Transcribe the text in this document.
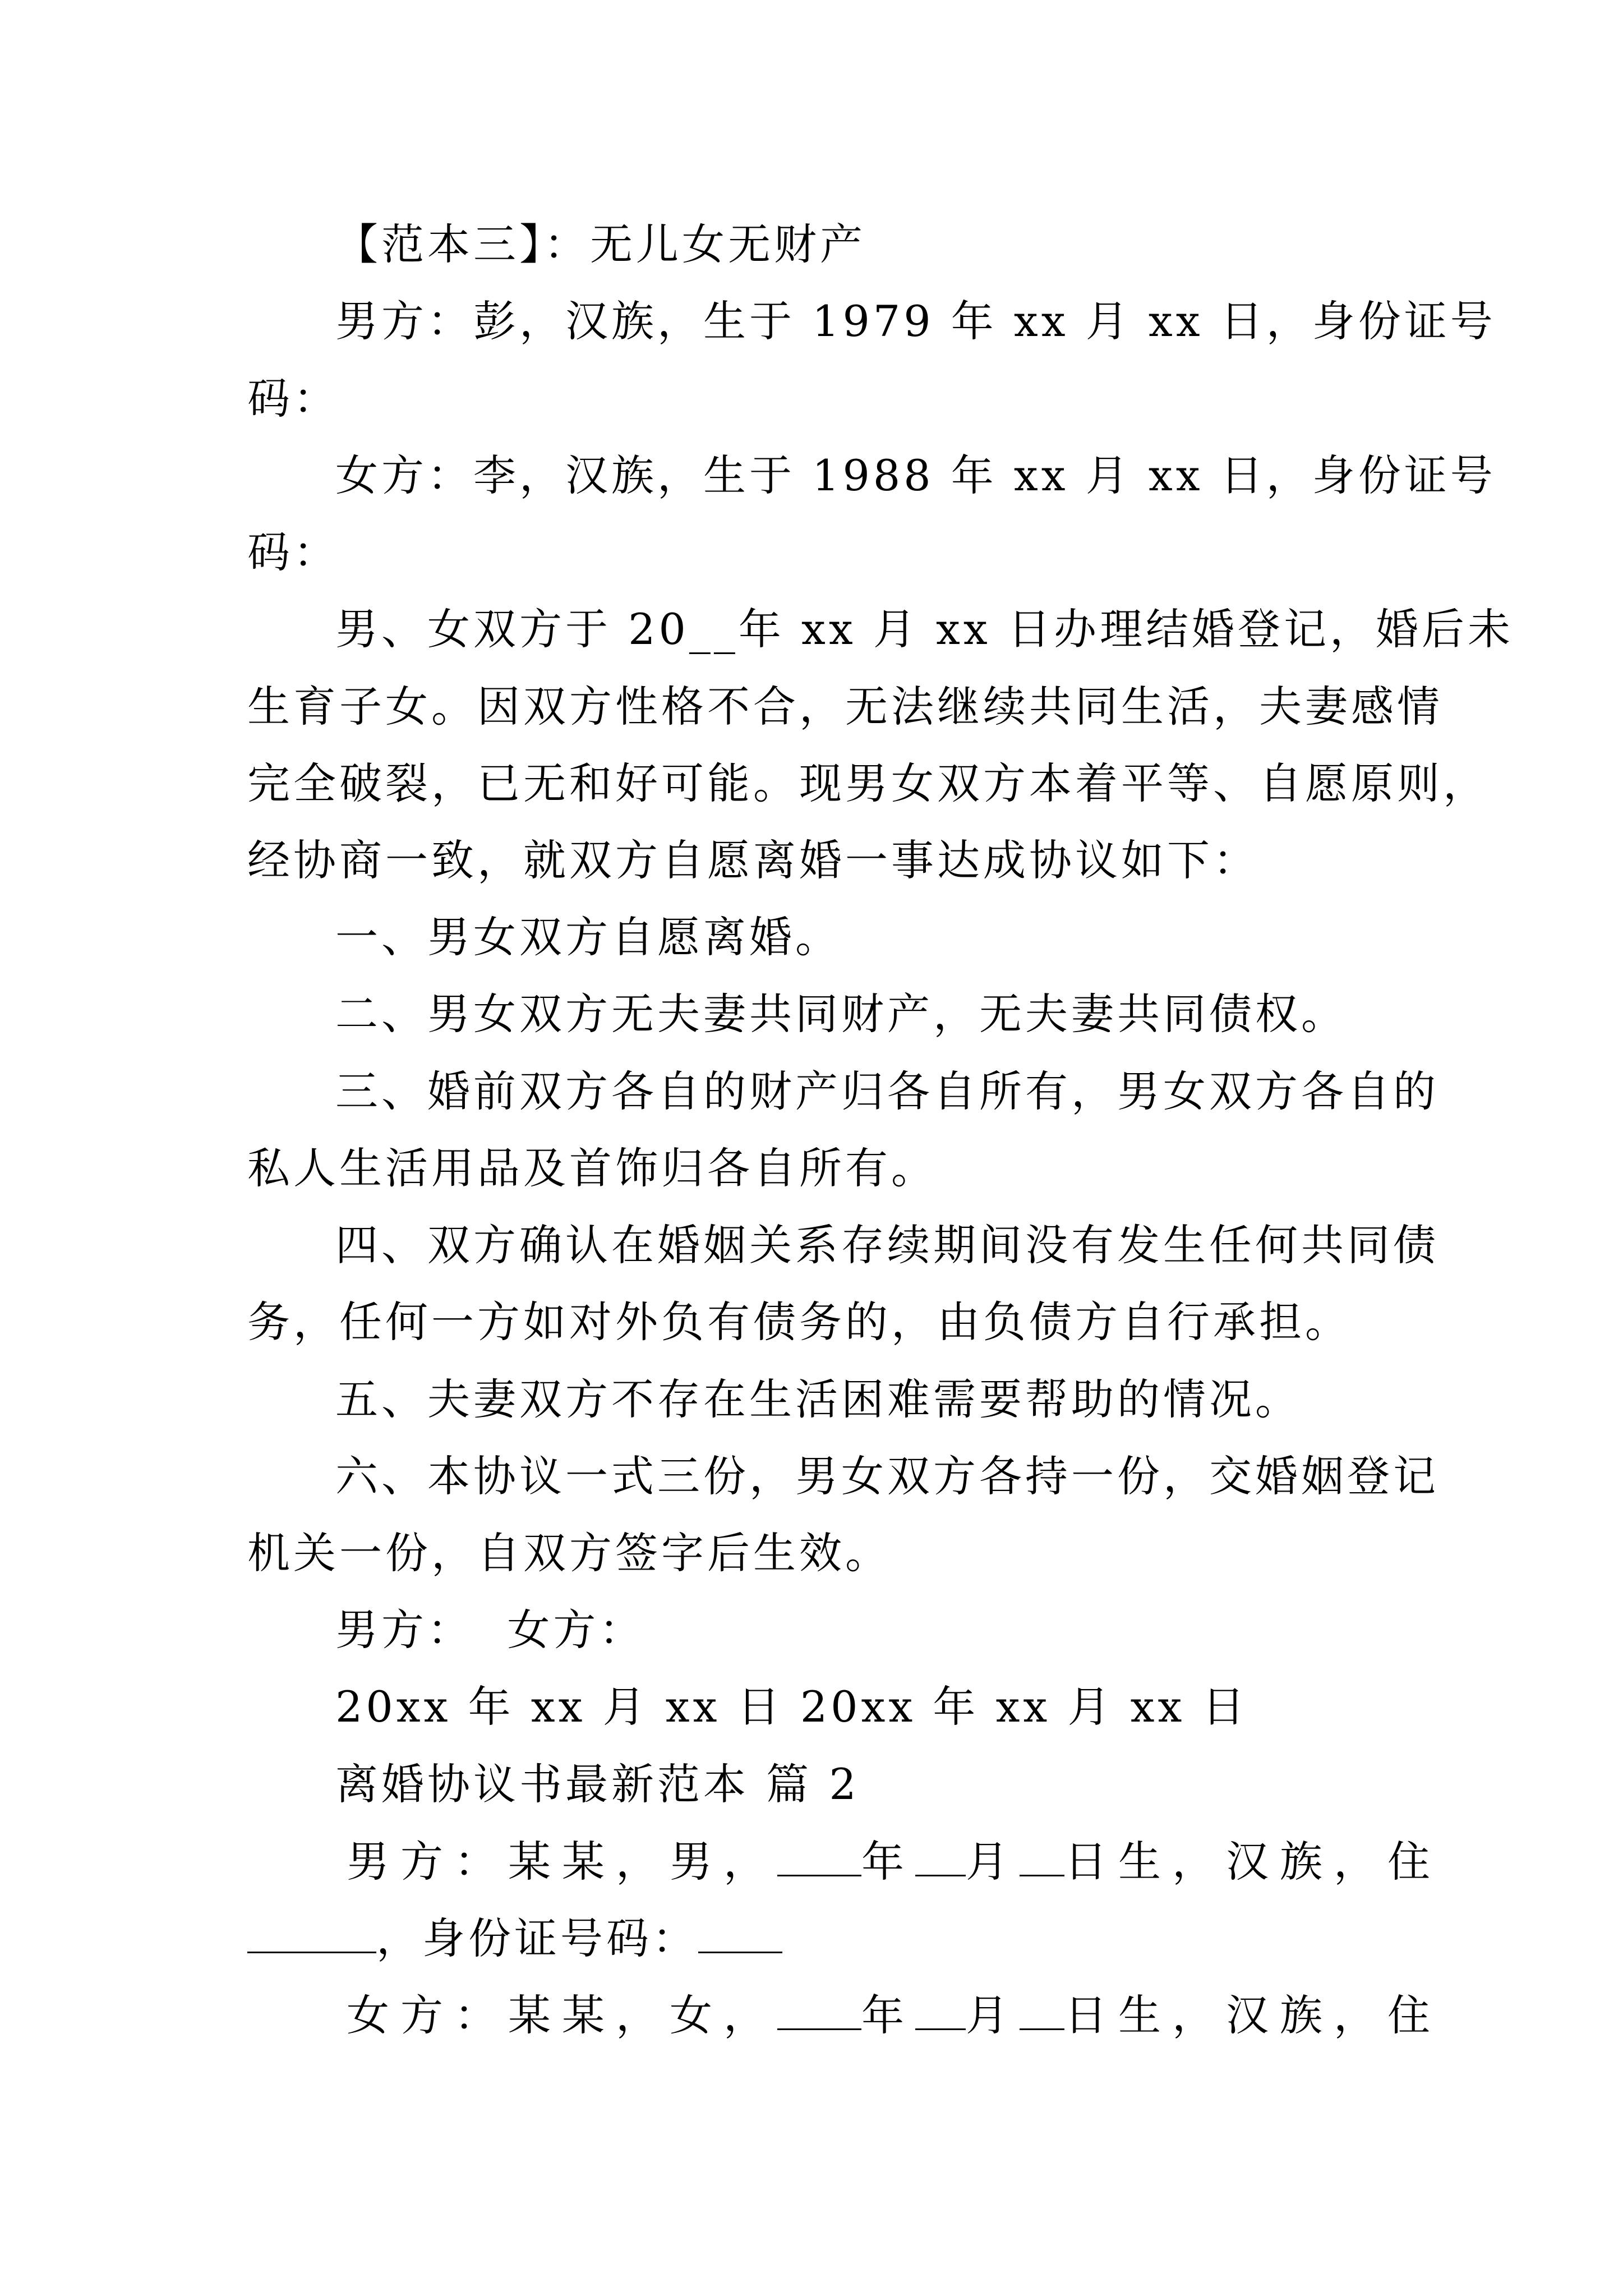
【范本三】：无儿女无财产
男方：彭，汉族，生于 1979 年 xx 月 xx 日，身份证号
码：
女方：李，汉族，生于 1988 年 xx 月 xx 日，身份证号
码：
男、女双方于 20__年 xx 月 xx 日办理结婚登记，婚后未
生育子女。因双方性格不合，无法继续共同生活，夫妻感情
完全破裂，已无和好可能。现男女双方本着平等、自愿原则，
经协商一致，就双方自愿离婚一事达成协议如下：
一、男女双方自愿离婚。
二、男女双方无夫妻共同财产，无夫妻共同债权。
三、婚前双方各自的财产归各自所有，男女双方各自的
私人生活用品及首饰归各自所有。
四、双方确认在婚姻关系存续期间没有发生任何共同债
务，任何一方如对外负有债务的，由负债方自行承担。
五、夫妻双方不存在生活困难需要帮助的情况。
六、本协议一式三份，男女双方各持一份，交婚姻登记
机关一份，自双方签字后生效。
男方：  女方：
20xx 年 xx 月 xx 日 20xx 年 xx 月 xx 日
离婚协议书最新范本 篇 2
男方：某某，男， 年 月 日生，汉族，住
，身份证号码：
女方：某某，女， 年 月 日生，汉族，住
